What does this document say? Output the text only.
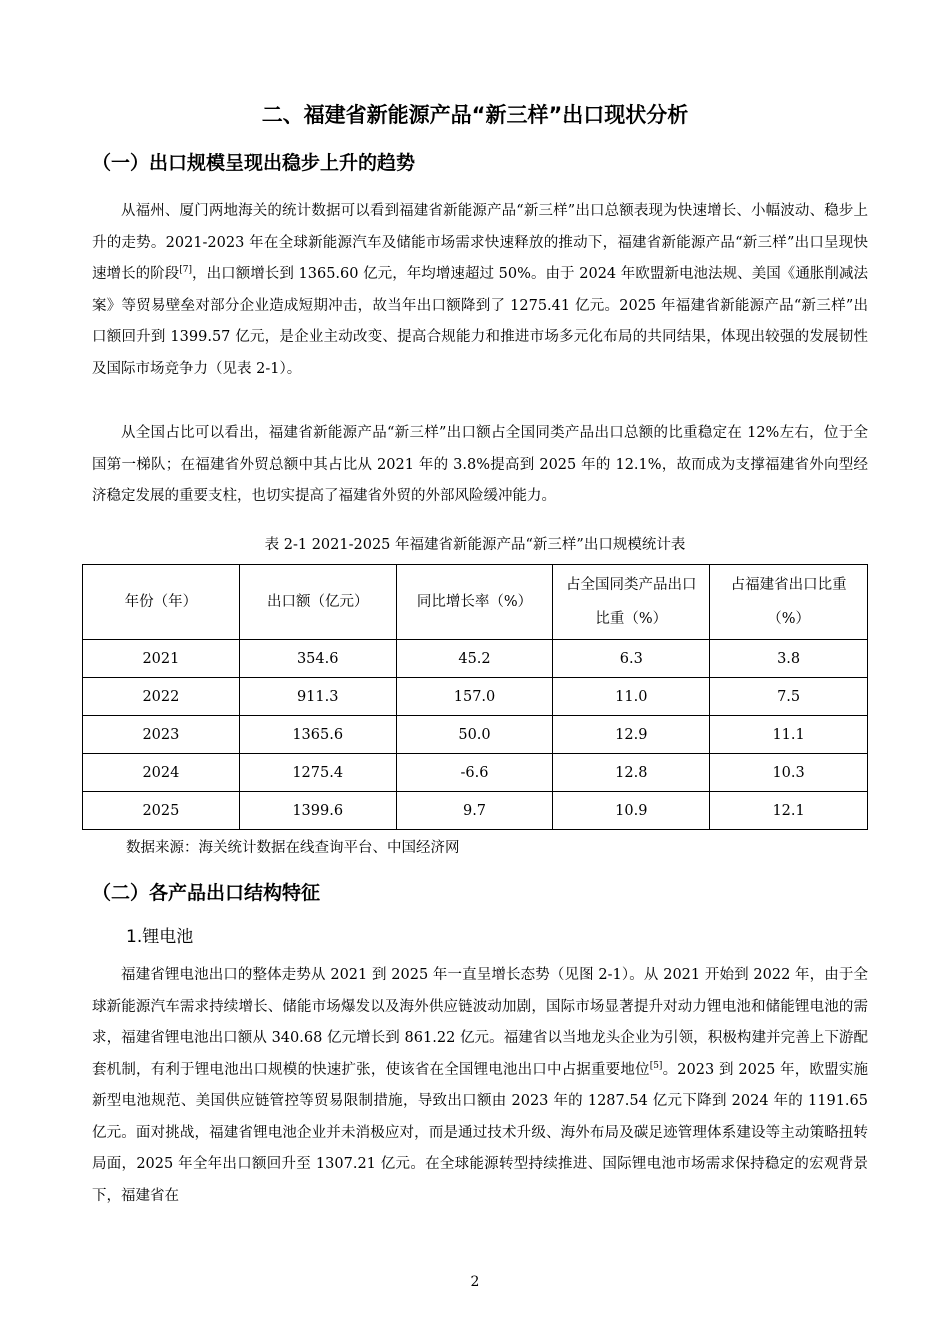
二、福建省新能源产品“新三样”出口现状分析
（一）出口规模呈现出稳步上升的趋势

从福州、厦门两地海关的统计数据可以看到福建省新能源产品“新三样”出口总额表现为快速增长、小幅波动、稳步上升的走势。2021-2023 年在全球新能源汽车及储能市场需求快速释放的推动下，福建省新能源产品“新三样”出口呈现快速增长的阶段[7]，出口额增长到 1365.60 亿元，年均增速超过 50%。由于 2024 年欧盟新电池法规、美国《通胀削减法案》等贸易壁垒对部分企业造成短期冲击，故当年出口额降到了 1275.41 亿元。2025 年福建省新能源产品“新三样”出口额回升到 1399.57 亿元，是企业主动改变、提高合规能力和推进市场多元化布局的共同结果，体现出较强的发展韧性及国际市场竞争力（见表 2-1）。

从全国占比可以看出，福建省新能源产品“新三样”出口额占全国同类产品出口总额的比重稳定在 12%左右，位于全国第一梯队；在福建省外贸总额中其占比从 2021 年的 3.8%提高到 2025 年的 12.1%，故而成为支撑福建省外向型经济稳定发展的重要支柱，也切实提高了福建省外贸的外部风险缓冲能力。

表 2-1 2021-2025 年福建省新能源产品“新三样”出口规模统计表
年份（年）	出口额（亿元）	同比增长率（%）	占全国同类产品出口比重（%）	占福建省出口比重（%）
2021	354.6	45.2	6.3	3.8
2022	911.3	157.0	11.0	7.5
2023	1365.6	50.0	12.9	11.1
2024	1275.4	-6.6	12.8	10.3
2025	1399.6	9.7	10.9	12.1
数据来源：海关统计数据在线查询平台、中国经济网
（二）各产品出口结构特征
1.锂电池

福建省锂电池出口的整体走势从 2021 到 2025 年一直呈增长态势（见图 2-1）。从 2021 开始到 2022 年，由于全球新能源汽车需求持续增长、储能市场爆发以及海外供应链波动加剧，国际市场显著提升对动力锂电池和储能锂电池的需求，福建省锂电池出口额从 340.68 亿元增长到 861.22 亿元。福建省以当地龙头企业为引领，积极构建并完善上下游配套机制，有利于锂电池出口规模的快速扩张，使该省在全国锂电池出口中占据重要地位[5]。2023 到 2025 年，欧盟实施新型电池规范、美国供应链管控等贸易限制措施，导致出口额由 2023 年的 1287.54 亿元下降到 2024 年的 1191.65 亿元。面对挑战，福建省锂电池企业并未消极应对，而是通过技术升级、海外布局及碳足迹管理体系建设等主动策略扭转局面，2025 年全年出口额回升至 1307.21 亿元。在全球能源转型持续推进、国际锂电池市场需求保持稳定的宏观背景下，福建省在

2
